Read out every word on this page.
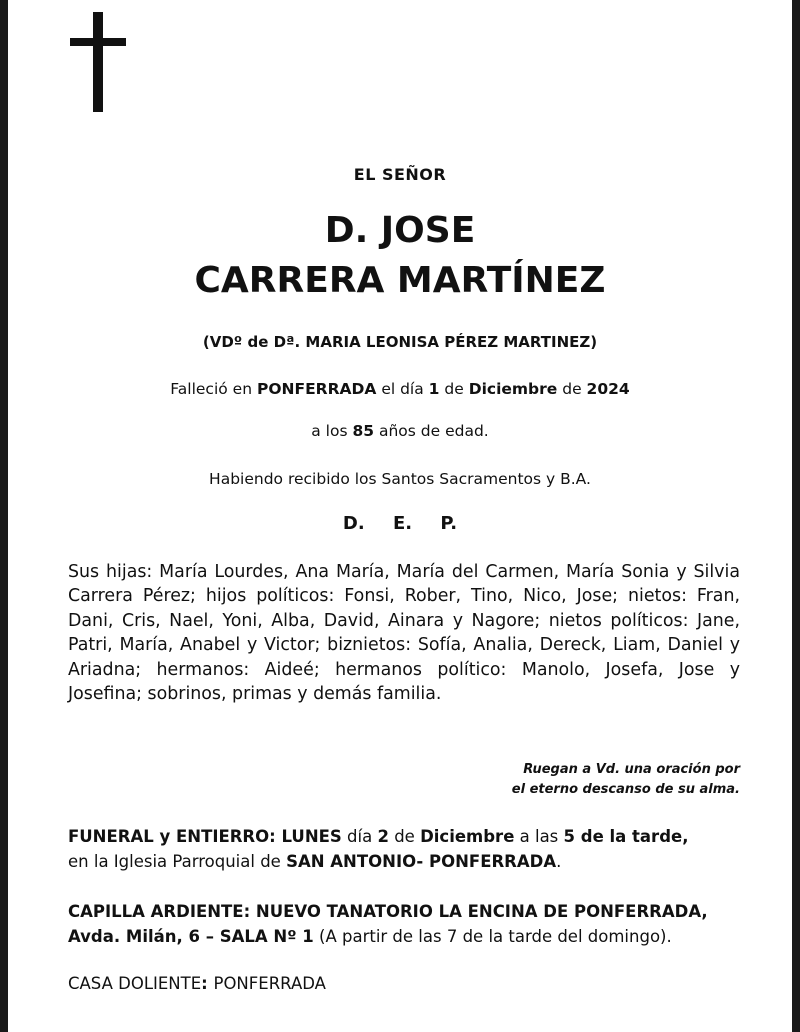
EL SEÑOR
D. JOSE
CARRERA MARTÍNEZ
(VDº de Dª. MARIA LEONISA PÉREZ MARTINEZ)
Falleció en PONFERRADA el día 1 de Diciembre de 2024
a los 85 años de edad.
Habiendo recibido los Santos Sacramentos y B.A.
D. E. P.

Sus hijas: María Lourdes, Ana María, María del Carmen, María Sonia y Silvia Carrera Pérez; hijos políticos: Fonsi, Rober, Tino, Nico, Jose; nietos: Fran, Dani, Cris, Nael, Yoni, Alba, David, Ainara y Nagore; nietos políticos: Jane, Patri, María, Anabel y Victor; biznietos: Sofía, Analia, Dereck, Liam, Daniel y Ariadna; hermanos: Aideé; hermanos político: Manolo, Josefa, Jose y Josefina; sobrinos, primas y demás familia.

Ruegan a Vd. una oración por
el eterno descanso de su alma.
FUNERAL y ENTIERRO: LUNES día 2 de Diciembre a las 5 de la tarde,
en la Iglesia Parroquial de SAN ANTONIO- PONFERRADA.
CAPILLA ARDIENTE: NUEVO TANATORIO LA ENCINA DE PONFERRADA,
Avda. Milán, 6 – SALA Nº 1 (A partir de las 7 de la tarde del domingo).
CASA DOLIENTE: PONFERRADA
